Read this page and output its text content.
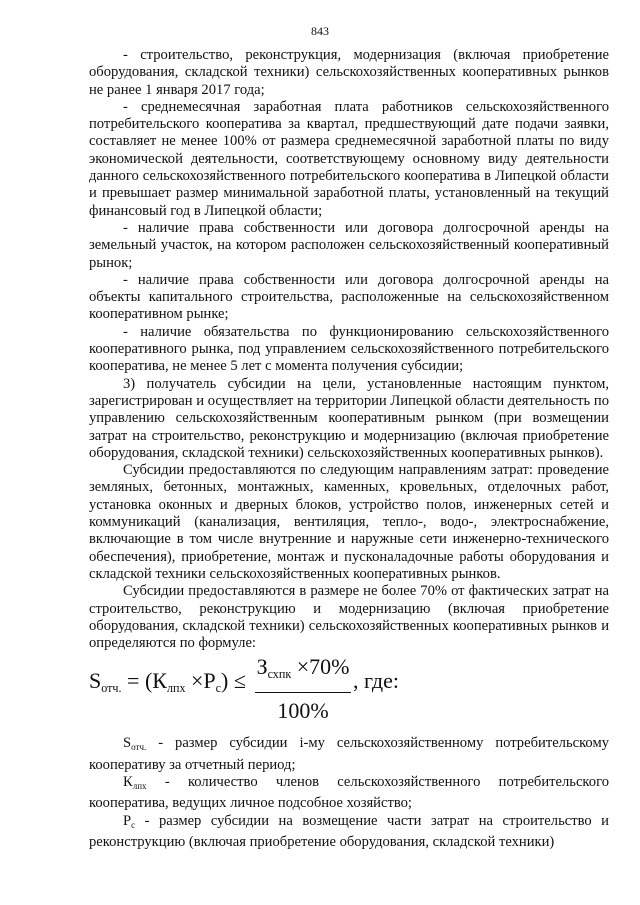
843

- строительство, реконструкция, модернизация (включая приобретение оборудования, складской техники) сельскохозяйственных кооперативных рынков не ранее 1 января 2017 года;

- среднемесячная заработная плата работников сельскохозяйственного потребительского кооператива за квартал, предшествующий дате подачи заявки, составляет не менее 100% от размера среднемесячной заработной платы по виду экономической деятельности, соответствующему основному виду деятельности данного сельскохозяйственного потребительского кооператива в Липецкой области и превышает размер минимальной заработной платы, установленный на текущий финансовый год в Липецкой области;

- наличие права собственности или договора долгосрочной аренды на земельный участок, на котором расположен сельскохозяйственный кооперативный рынок;

- наличие права собственности или договора долгосрочной аренды на объекты капитального строительства, расположенные на сельскохозяйственном кооперативном рынке;

- наличие обязательства по функционированию сельскохозяйственного кооперативного рынка, под управлением сельскохозяйственного потребительского кооператива, не менее 5 лет с момента получения субсидии;

3) получатель субсидии на цели, установленные настоящим пунктом, зарегистрирован и осуществляет на территории Липецкой области деятельность по управлению сельскохозяйственным кооперативным рынком (при возмещении затрат на строительство, реконструкцию и модернизацию (включая приобретение оборудования, складской техники) сельскохозяйственных кооперативных рынков).

Субсидии предоставляются по следующим направлениям затрат: проведение земляных, бетонных, монтажных, каменных, кровельных, отделочных работ, установка оконных и дверных блоков, устройство полов, инженерных сетей и коммуникаций (канализация, вентиляция, тепло-, водо-, электроснабжение, включающие в том числе внутренние и наружные сети инженерно-технического обеспечения), приобретение, монтаж и пусконаладочные работы оборудования и складской техники сельскохозяйственных кооперативных рынков.

Субсидии предоставляются в размере не более 70% от фактических затрат на строительство, реконструкцию и модернизацию (включая приобретение оборудования, складской техники) сельскохозяйственных кооперативных рынков и определяются по формуле:

$S_{отч.} = (К_{лпх} \times Р_с)$ ≤
$З_{схпк} \times 70\%$
100%
, где:

$S_{отч.}$ - размер субсидии i-му сельскохозяйственному потребительскому кооперативу за отчетный период;

$К_{лпх}$ - количество членов сельскохозяйственного потребительского кооператива, ведущих личное подсобное хозяйство;

$Р_с$ - размер субсидии на возмещение части затрат на строительство и реконструкцию (включая приобретение оборудования, складской техники)
